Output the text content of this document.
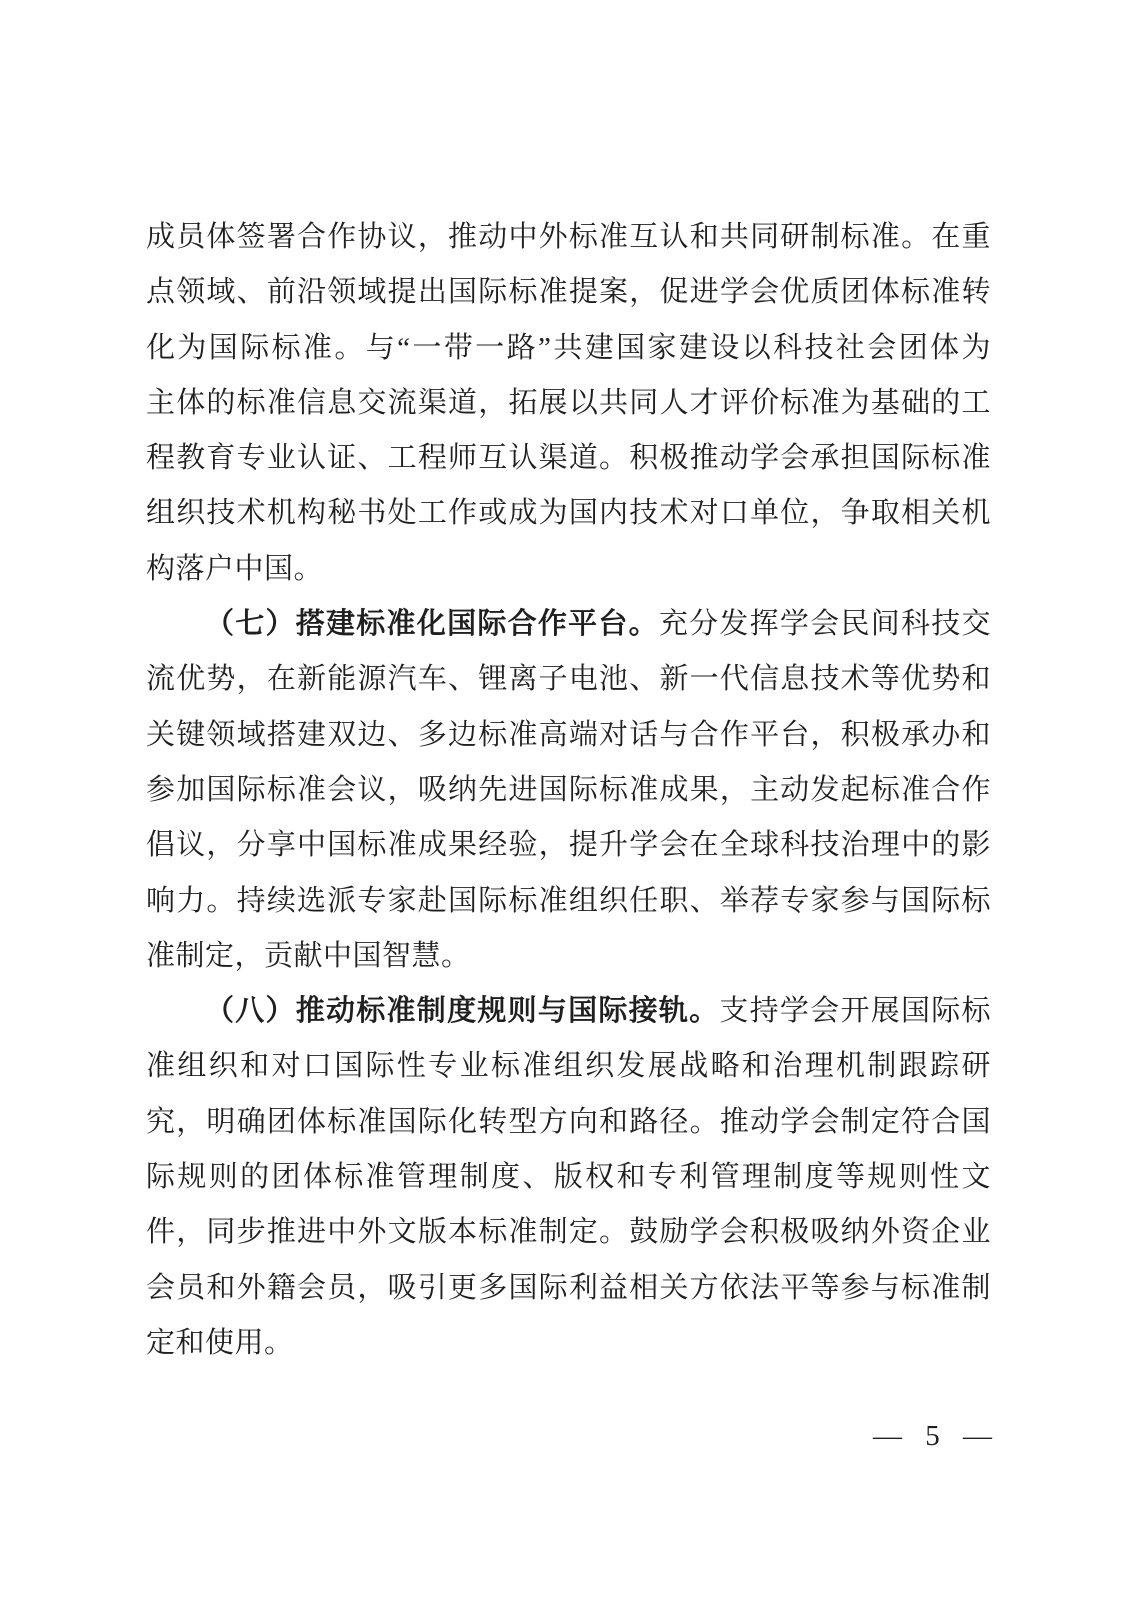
成员体签署合作协议，推动中外标准互认和共同研制标准。在重
点领域、前沿领域提出国际标准提案，促进学会优质团体标准转
化为国际标准。与“一带一路”共建国家建设以科技社会团体为
主体的标准信息交流渠道，拓展以共同人才评价标准为基础的工
程教育专业认证、工程师互认渠道。积极推动学会承担国际标准
组织技术机构秘书处工作或成为国内技术对口单位，争取相关机
构落户中国。
（七）搭建标准化国际合作平台。充分发挥学会民间科技交
流优势，在新能源汽车、锂离子电池、新一代信息技术等优势和
关键领域搭建双边、多边标准高端对话与合作平台，积极承办和
参加国际标准会议，吸纳先进国际标准成果，主动发起标准合作
倡议，分享中国标准成果经验，提升学会在全球科技治理中的影
响力。持续选派专家赴国际标准组织任职、举荐专家参与国际标
准制定，贡献中国智慧。
（八）推动标准制度规则与国际接轨。支持学会开展国际标
准组织和对口国际性专业标准组织发展战略和治理机制跟踪研
究，明确团体标准国际化转型方向和路径。推动学会制定符合国
际规则的团体标准管理制度、版权和专利管理制度等规则性文
件，同步推进中外文版本标准制定。鼓励学会积极吸纳外资企业
会员和外籍会员，吸引更多国际利益相关方依法平等参与标准制
定和使用。
— 5 —
